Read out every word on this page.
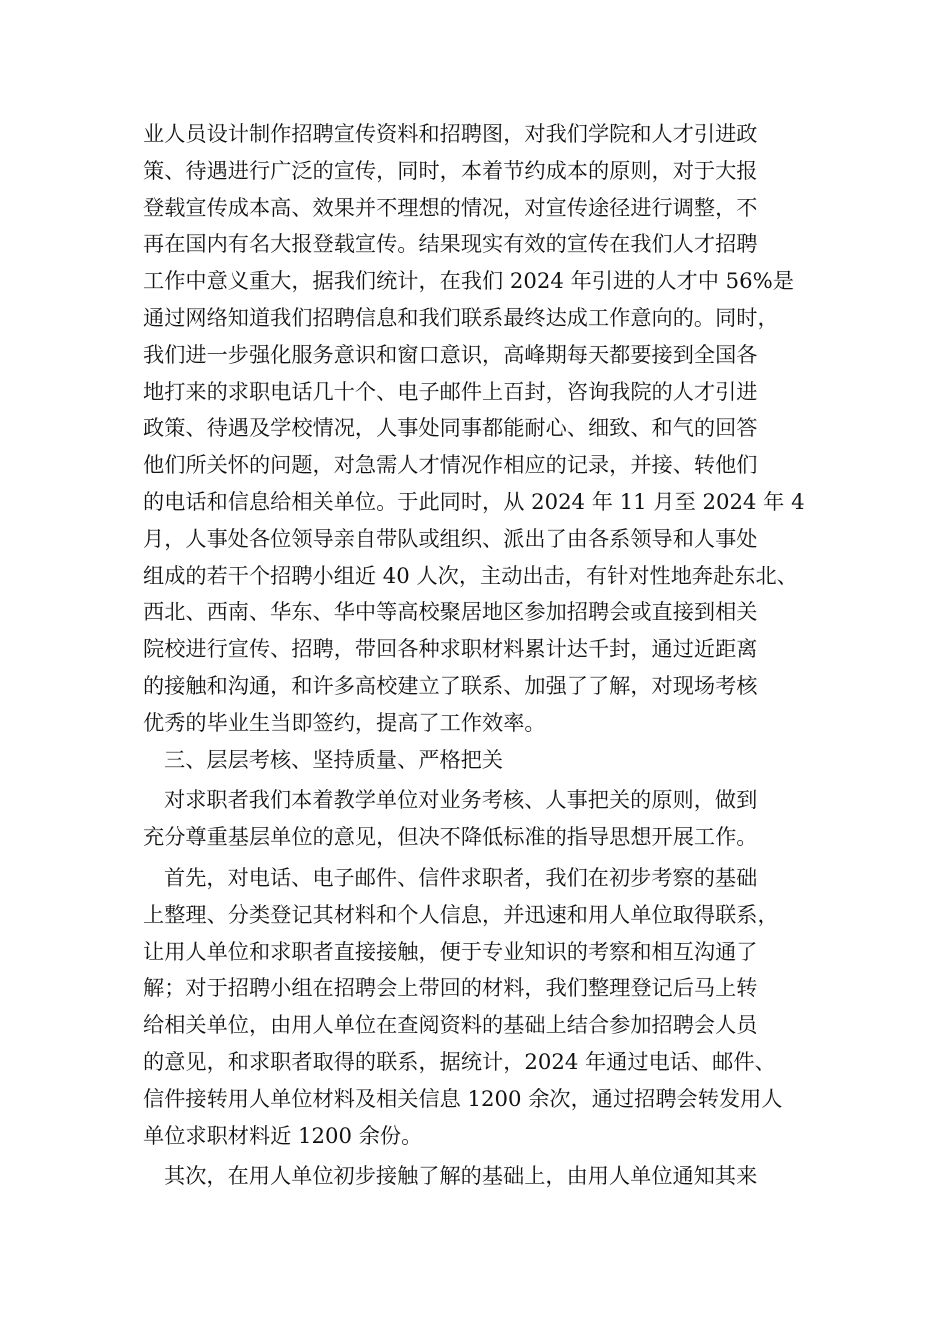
业人员设计制作招聘宣传资料和招聘图，对我们学院和人才引进政
策、待遇进行广泛的宣传，同时，本着节约成本的原则，对于大报
登载宣传成本高、效果并不理想的情况，对宣传途径进行调整，不
再在国内有名大报登载宣传。结果现实有效的宣传在我们人才招聘
工作中意义重大，据我们统计，在我们 2024 年引进的人才中 56%是
通过网络知道我们招聘信息和我们联系最终达成工作意向的。同时，
我们进一步强化服务意识和窗口意识，高峰期每天都要接到全国各
地打来的求职电话几十个、电子邮件上百封，咨询我院的人才引进
政策、待遇及学校情况，人事处同事都能耐心、细致、和气的回答
他们所关怀的问题，对急需人才情况作相应的记录，并接、转他们
的电话和信息给相关单位。于此同时，从 2024 年 11 月至 2024 年 4
月，人事处各位领导亲自带队或组织、派出了由各系领导和人事处
组成的若干个招聘小组近 40 人次，主动出击，有针对性地奔赴东北、
西北、西南、华东、华中等高校聚居地区参加招聘会或直接到相关
院校进行宣传、招聘，带回各种求职材料累计达千封，通过近距离
的接触和沟通，和许多高校建立了联系、加强了了解，对现场考核
优秀的毕业生当即签约，提高了工作效率。
三、层层考核、坚持质量、严格把关
对求职者我们本着教学单位对业务考核、人事把关的原则，做到
充分尊重基层单位的意见，但决不降低标准的指导思想开展工作。
首先，对电话、电子邮件、信件求职者，我们在初步考察的基础
上整理、分类登记其材料和个人信息，并迅速和用人单位取得联系，
让用人单位和求职者直接接触，便于专业知识的考察和相互沟通了
解；对于招聘小组在招聘会上带回的材料，我们整理登记后马上转
给相关单位，由用人单位在查阅资料的基础上结合参加招聘会人员
的意见，和求职者取得的联系，据统计，2024 年通过电话、邮件、
信件接转用人单位材料及相关信息 1200 余次，通过招聘会转发用人
单位求职材料近 1200 余份。
其次，在用人单位初步接触了解的基础上，由用人单位通知其来
